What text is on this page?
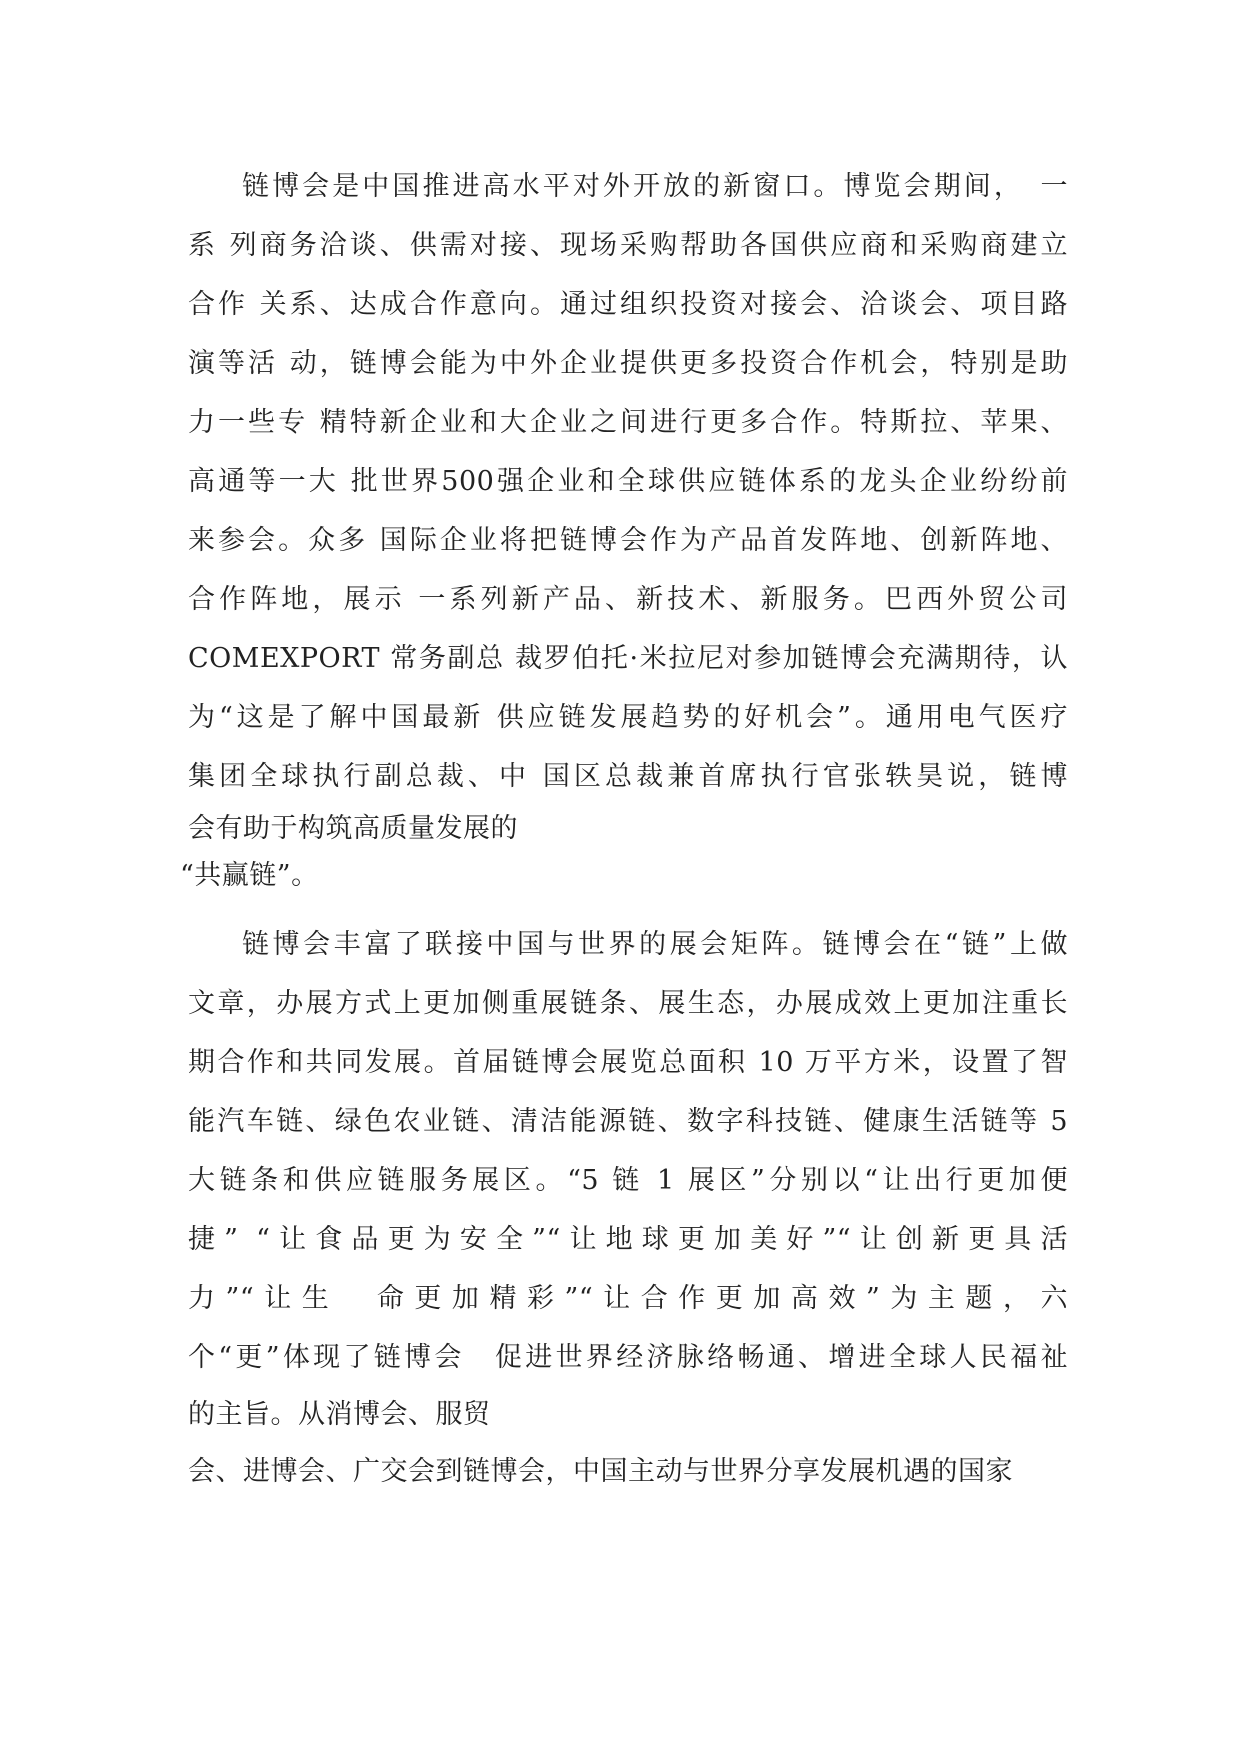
链博会是中国推进高水平对外开放的新窗口。博览会期间，　一
系 列商务洽谈、供需对接、现场采购帮助各国供应商和采购商建立
合作 关系、达成合作意向。通过组织投资对接会、洽谈会、项目路
演等活 动，链博会能为中外企业提供更多投资合作机会，特别是助
力一些专 精特新企业和大企业之间进行更多合作。特斯拉、苹果、
高通等一大 批世界500强企业和全球供应链体系的龙头企业纷纷前
来参会。众多 国际企业将把链博会作为产品首发阵地、创新阵地、
合作阵地，展示 一系列新产品、新技术、新服务。巴西外贸公司
COMEXPORT 常务副总 裁罗伯托·米拉尼对参加链博会充满期待，认
为“这是了解中国最新 供应链发展趋势的好机会”。通用电气医疗
集团全球执行副总裁、中 国区总裁兼首席执行官张轶昊说，链博
会有助于构筑高质量发展的
“共赢链”。
链博会丰富了联接中国与世界的展会矩阵。链博会在“链”上做
文章，办展方式上更加侧重展链条、展生态，办展成效上更加注重长
期合作和共同发展。首届链博会展览总面积 10 万平方米，设置了智
能汽车链、绿色农业链、清洁能源链、数字科技链、健康生活链等 5
大链条和供应链服务展区。“5 链 1 展区”分别以“让出行更加便
捷” “让食品更为安全”“让地球更加美好”“让创新更具活
力”“让生　命更加精彩”“让合作更加高效”为主题，六
个“更”体现了链博会　促进世界经济脉络畅通、增进全球人民福祉
的主旨。从消博会、服贸
会、进博会、广交会到链博会，中国主动与世界分享发展机遇的国家
